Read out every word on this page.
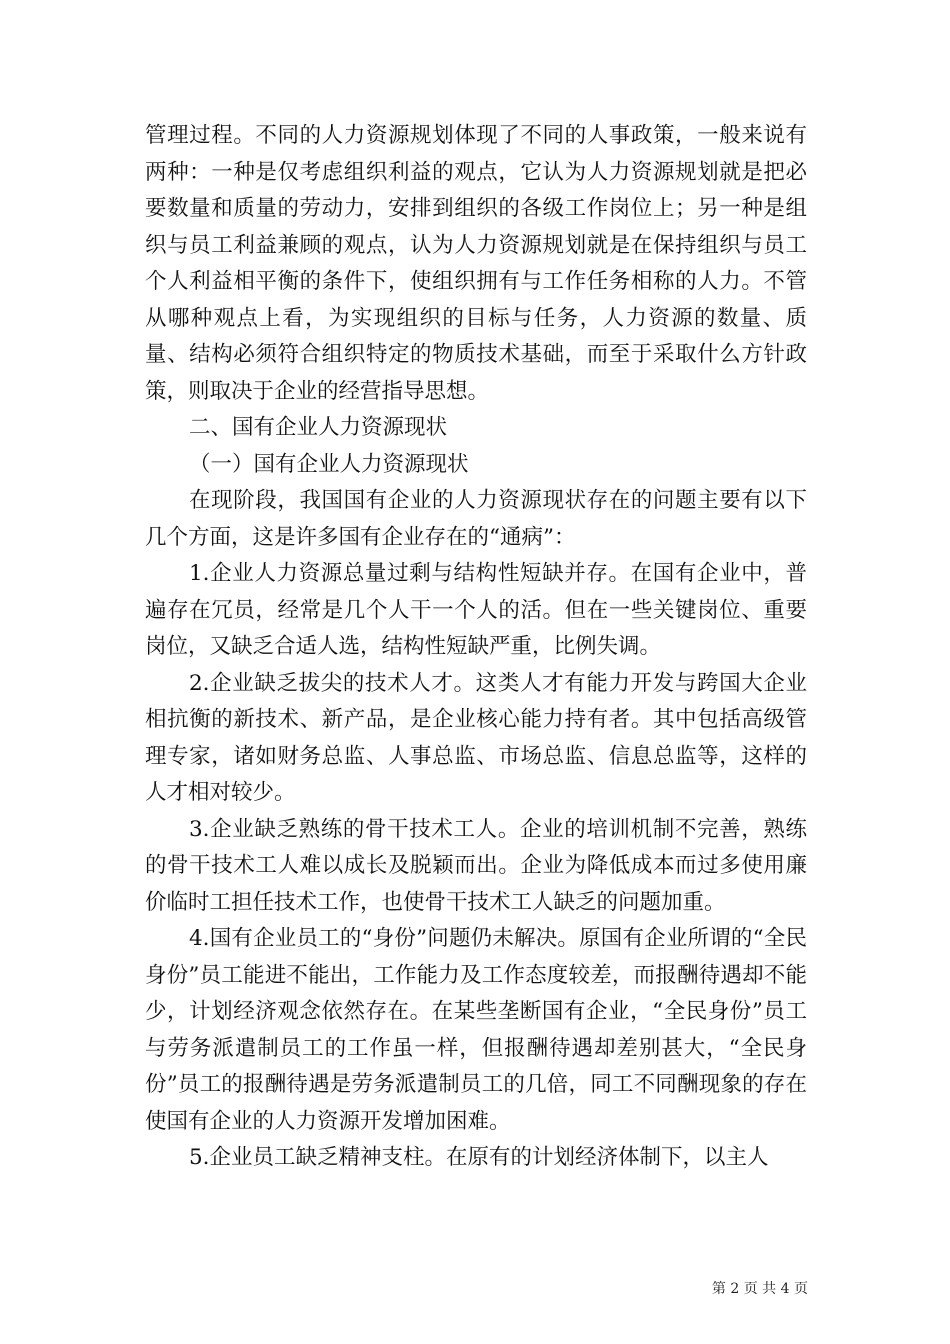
管理过程。不同的人力资源规划体现了不同的人事政策，一般来说有两种：一种是仅考虑组织利益的观点，它认为人力资源规划就是把必要数量和质量的劳动力，安排到组织的各级工作岗位上；另一种是组织与员工利益兼顾的观点，认为人力资源规划就是在保持组织与员工个人利益相平衡的条件下，使组织拥有与工作任务相称的人力。不管从哪种观点上看，为实现组织的目标与任务，人力资源的数量、质量、结构必须符合组织特定的物质技术基础，而至于采取什么方针政策，则取决于企业的经营指导思想。

二、国有企业人力资源现状

（一）国有企业人力资源现状

在现阶段，我国国有企业的人力资源现状存在的问题主要有以下几个方面，这是许多国有企业存在的“通病”：

1.企业人力资源总量过剩与结构性短缺并存。在国有企业中，普遍存在冗员，经常是几个人干一个人的活。但在一些关键岗位、重要岗位，又缺乏合适人选，结构性短缺严重，比例失调。

2.企业缺乏拔尖的技术人才。这类人才有能力开发与跨国大企业相抗衡的新技术、新产品，是企业核心能力持有者。其中包括高级管理专家，诸如财务总监、人事总监、市场总监、信息总监等，这样的人才相对较少。

3.企业缺乏熟练的骨干技术工人。企业的培训机制不完善，熟练的骨干技术工人难以成长及脱颖而出。企业为降低成本而过多使用廉价临时工担任技术工作，也使骨干技术工人缺乏的问题加重。

4.国有企业员工的“身份”问题仍未解决。原国有企业所谓的“全民身份”员工能进不能出，工作能力及工作态度较差，而报酬待遇却不能少，计划经济观念依然存在。在某些垄断国有企业，“全民身份”员工与劳务派遣制员工的工作虽一样，但报酬待遇却差别甚大，“全民身份”员工的报酬待遇是劳务派遣制员工的几倍，同工不同酬现象的存在使国有企业的人力资源开发增加困难。

5.企业员工缺乏精神支柱。在原有的计划经济体制下，以主人

第 2 页 共 4 页
